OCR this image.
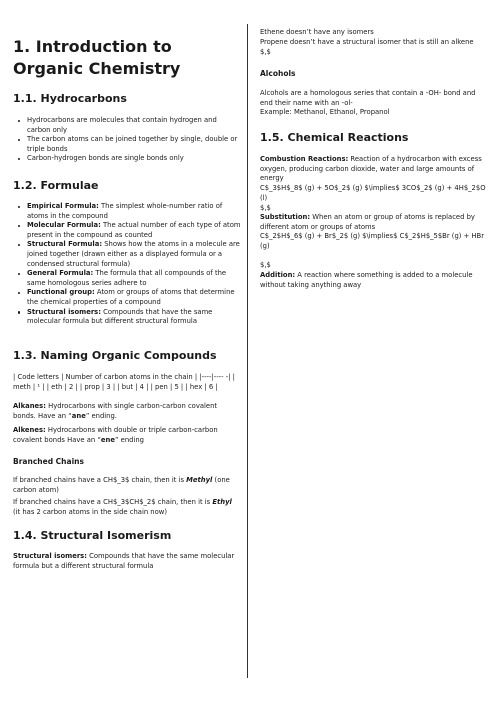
1. Introduction to Organic Chemistry
1.1. Hydrocarbons
Hydrocarbons are molecules that contain hydrogen and carbon only
The carbon atoms can be joined together by single, double or triple bonds
Carbon-hydrogen bonds are single bonds only
1.2. Formulae
Empirical Formula: The simplest whole-number ratio of atoms in the compound
Molecular Formula: The actual number of each type of atom present in the compound as counted
Structural Formula: Shows how the atoms in a molecule are joined together (drawn either as a displayed formula or a condensed structural formula)
General Formula: The formula that all compounds of the same homologous series adhere to
Functional group: Atom or groups of atoms that determine the chemical properties of a compound
Structural isomers: Compounds that have the same molecular formula but different structural formula
1.3. Naming Organic Compounds

| Code letters | Number of carbon atoms in the chain | |----|---- -| | meth | ¹ | | eth | 2 | | prop | 3 | | but | 4 | | pen | 5 | | hex | 6 |

Alkanes: Hydrocarbons with single carbon-carbon covalent bonds. Have an “ane” ending.

Alkenes: Hydrocarbons with double or triple carbon-carbon covalent bonds Have an “ene” ending

Branched Chains

If branched chains have a CH$_3$ chain, then it is Methyl (one carbon atom)

If branched chains have a CH$_3$CH$_2$ chain, then it is Ethyl (it has 2 carbon atoms in the side chain now)

1.4. Structural Isomerism

Structural isomers: Compounds that have the same molecular formula but a different structural formula

Ethene doesn’t have any isomers

Propene doesn’t have a structural isomer that is still an alkene $,$

Alcohols

Alcohols are a homologous series that contain a -OH- bond and end their name with an -ol-

Example: Methanol, Ethanol, Propanol

1.5. Chemical Reactions

Combustion Reactions: Reaction of a hydrocarbon with excess oxygen, producing carbon dioxide, water and large amounts of energy

C$_3$H$_8$ (g) + 5O$_2$ (g) $\implies$ 3CO$_2$ (g) + 4H$_2$O (l)

$,$

Substitution: When an atom or group of atoms is replaced by different atom or groups of atoms

C$_2$H$_6$ (g) + Br$_2$ (g) $\implies$ C$_2$H$_5$Br (g) + HBr (g)

$,$

Addition: A reaction where something is added to a molecule without taking anything away
